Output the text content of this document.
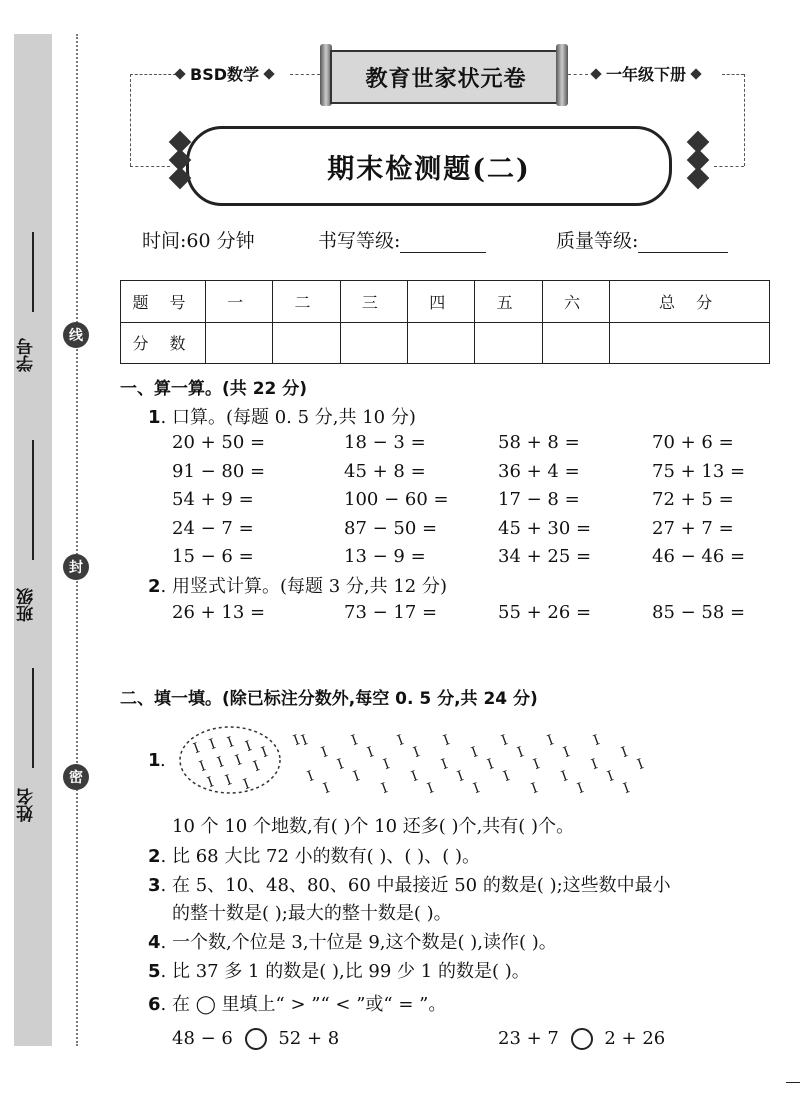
学号
班级
姓名
线
封
密
BSD数学	教育世家状元卷	一年级下册
期末检测题(二)
时间:60 分钟	书写等级:	质量等级:
题 号	一	二	三	四	五	六	总 分
分 数							
一、算一算。(共 22 分)
1. 口算。(每题 0. 5 分,共 10 分)
20 + 50 =	18 − 3 =	58 + 8 =	70 + 6 =
91 − 80 =	45 + 8 =	36 + 4 =	75 + 13 =
54 + 9 =	100 − 60 =	17 − 8 =	72 + 5 =
24 − 7 =	87 − 50 =	45 + 30 =	27 + 7 =
15 − 6 =	13 − 9 =	34 + 25 =	46 − 46 =
2. 用竖式计算。(每题 3 分,共 12 分)
26 + 13 =	73 − 17 =	55 + 26 =	85 − 58 =
二、填一填。(除已标注分数外,每空 0. 5 分,共 24 分)
1 .
I I I I I
I I I I
I I I
I
I
I
I
I
I
I
I
I
I
I
I
I
I
I
I
I
I
I
I
I
I
I
I
I
I
I
I
I
I
I
I
I
I
I
I
10 个 10 个地数,有( )个 10 还多( )个,共有( )个。
2. 比 68 大比 72 小的数有( )、( )、( )。
3. 在 5、10、48、80、60 中最接近 50 的数是( );这些数中最小
的整十数是( );最大的整十数是( )。
4. 一个数,个位是 3,十位是 9,这个数是( ),读作( )。
5. 比 37 多 1 的数是( ),比 99 少 1 的数是( )。
6. 在 ◯ 里填上“ > ”“ < ”或“ = ”。
48 − 6	52 + 8	23 + 7	2 + 26
